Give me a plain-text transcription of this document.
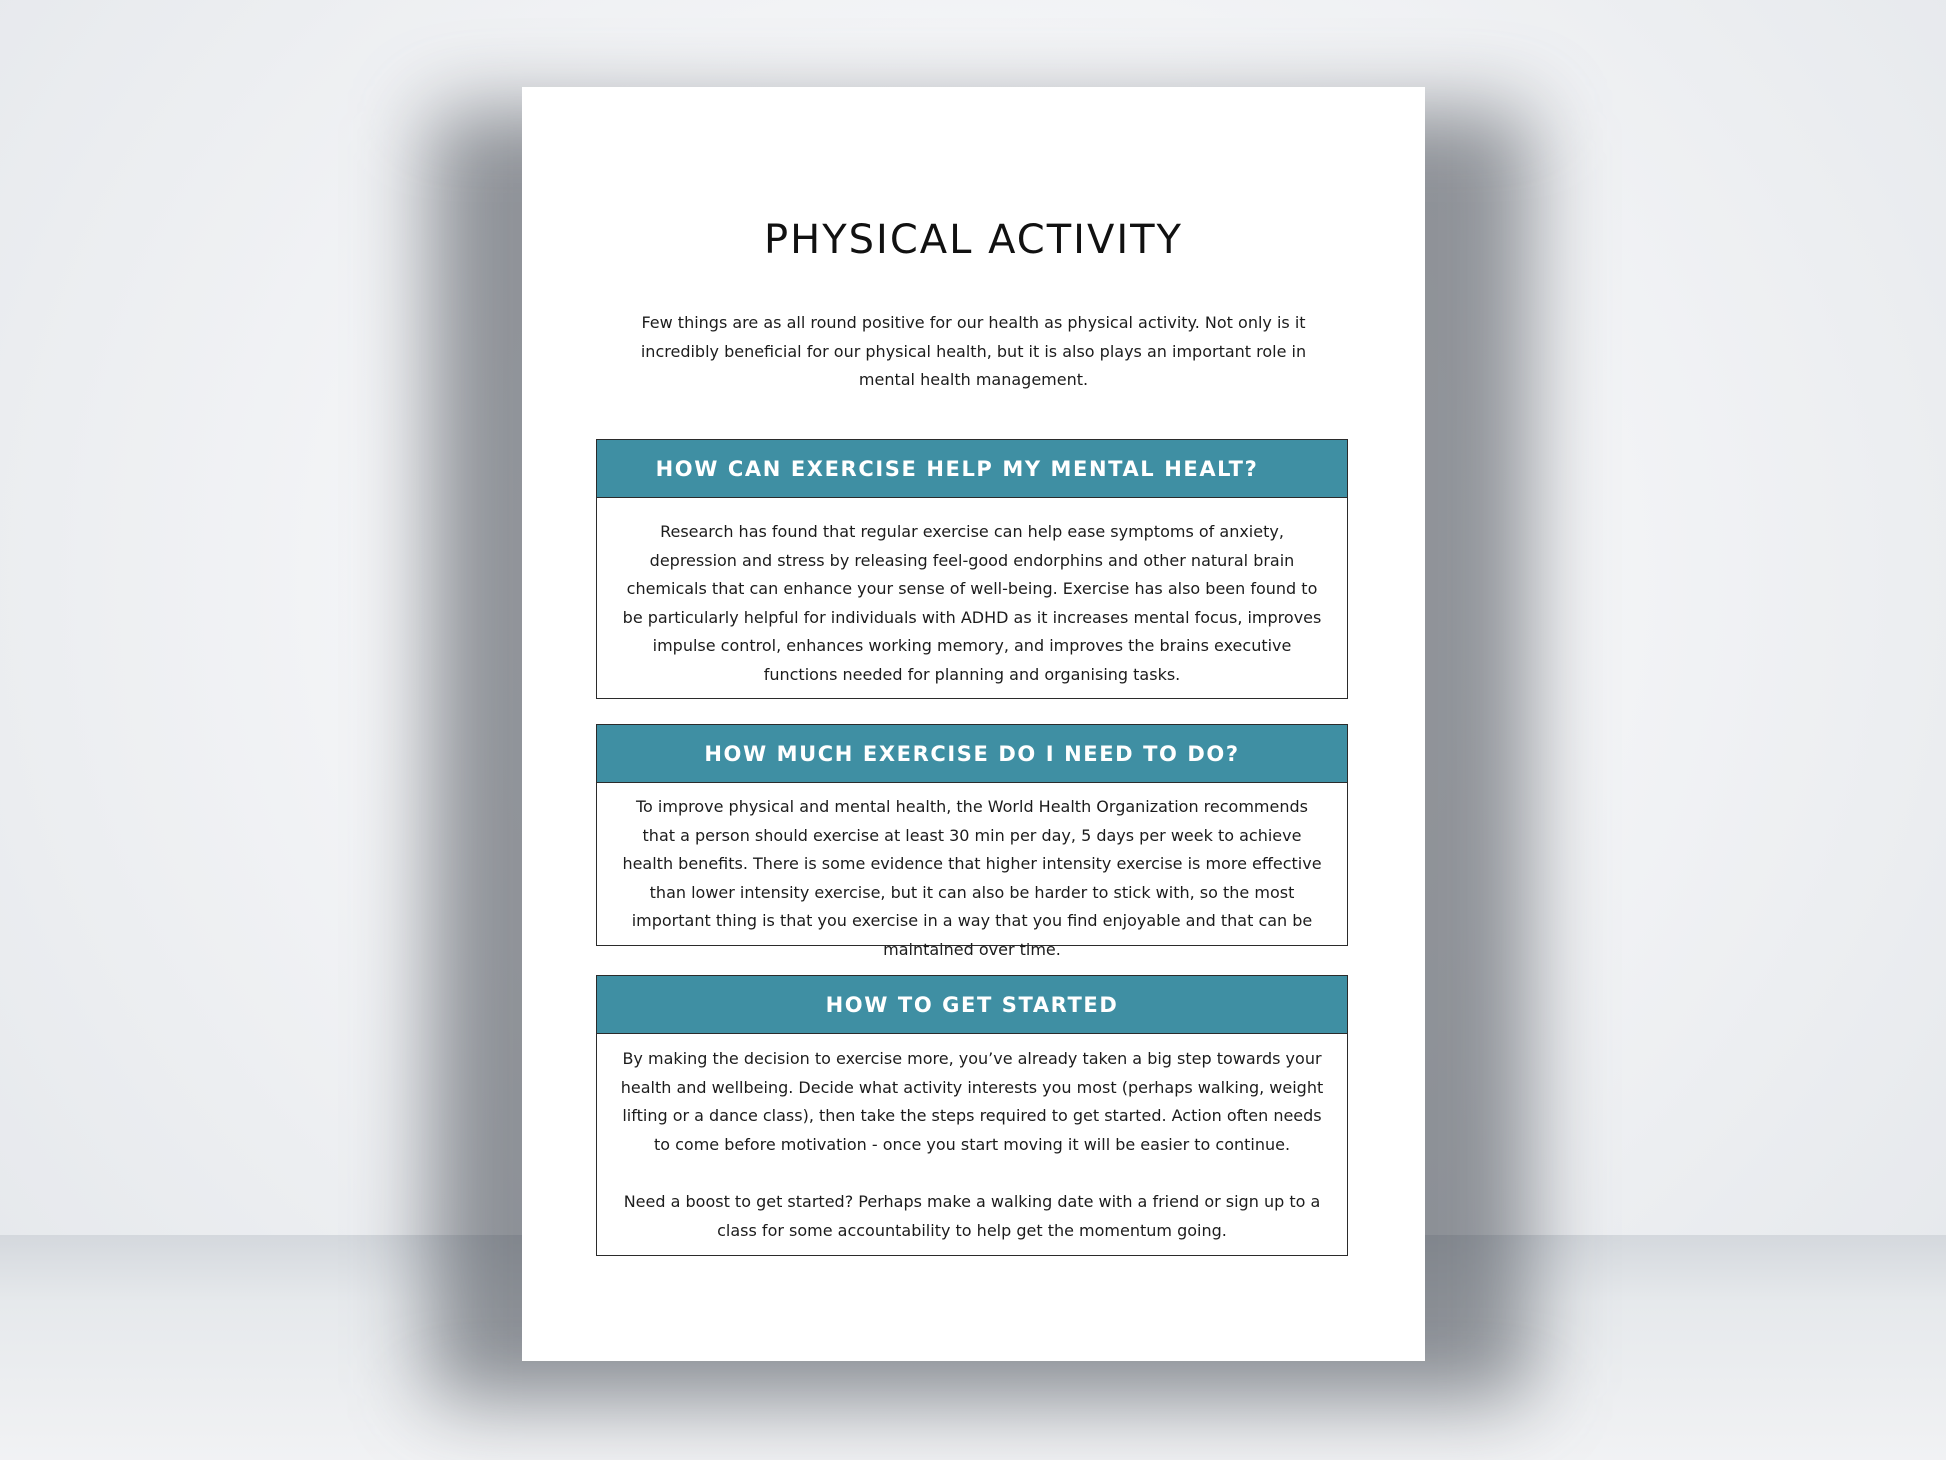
PHYSICAL ACTIVITY

Few things are as all round positive for our health as physical activity. Not only is it incredibly beneficial for our physical health, but it is also plays an important role in mental health management.

HOW CAN EXERCISE HELP MY MENTAL HEALT?

Research has found that regular exercise can help ease symptoms of anxiety, depression and stress by releasing feel-good endorphins and other natural brain chemicals that can enhance your sense of well-being. Exercise has also been found to be particularly helpful for individuals with ADHD as it increases mental focus, improves impulse control, enhances working memory, and improves the brains executive functions needed for planning and organising tasks.

HOW MUCH EXERCISE DO I NEED TO DO?

To improve physical and mental health, the World Health Organization recommends that a person should exercise at least 30 min per day, 5 days per week to achieve health benefits. There is some evidence that higher intensity exercise is more effective than lower intensity exercise, but it can also be harder to stick with, so the most important thing is that you exercise in a way that you find enjoyable and that can be maintained over time.

HOW TO GET STARTED

By making the decision to exercise more, you’ve already taken a big step towards your health and wellbeing. Decide what activity interests you most (perhaps walking, weight lifting or a dance class), then take the steps required to get started. Action often needs to come before motivation - once you start moving it will be easier to continue.

Need a boost to get started? Perhaps make a walking date with a friend or sign up to a class for some accountability to help get the momentum going.
